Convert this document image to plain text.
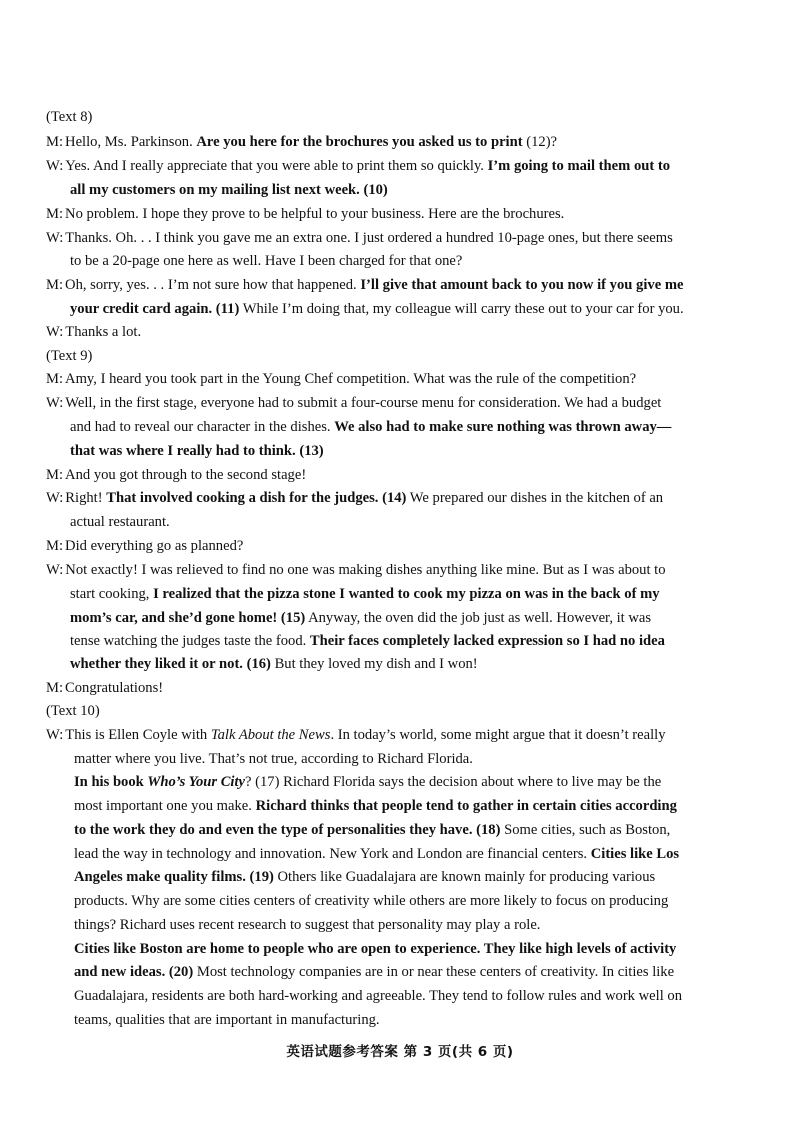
(Text 8)
M: Hello, Ms. Parkinson. Are you here for the brochures you asked us to print (12)?
W: Yes. And I really appreciate that you were able to print them so quickly. I’m going to mail them out to
all my customers on my mailing list next week. (10)
M: No problem. I hope they prove to be helpful to your business. Here are the brochures.
W: Thanks. Oh. . . I think you gave me an extra one. I just ordered a hundred 10-page ones, but there seems
to be a 20-page one here as well. Have I been charged for that one?
M: Oh, sorry, yes. . . I’m not sure how that happened. I’ll give that amount back to you now if you give me
your credit card again. (11) While I’m doing that, my colleague will carry these out to your car for you.
W: Thanks a lot.
(Text 9)
M: Amy, I heard you took part in the Young Chef competition. What was the rule of the competition?
W: Well, in the first stage, everyone had to submit a four-course menu for consideration. We had a budget
and had to reveal our character in the dishes. We also had to make sure nothing was thrown away—
that was where I really had to think. (13)
M: And you got through to the second stage!
W: Right! That involved cooking a dish for the judges. (14) We prepared our dishes in the kitchen of an
actual restaurant.
M: Did everything go as planned?
W: Not exactly! I was relieved to find no one was making dishes anything like mine. But as I was about to
start cooking, I realized that the pizza stone I wanted to cook my pizza on was in the back of my
mom’s car, and she’d gone home! (15) Anyway, the oven did the job just as well. However, it was
tense watching the judges taste the food. Their faces completely lacked expression so I had no idea
whether they liked it or not. (16) But they loved my dish and I won!
M: Congratulations!
(Text 10)
W: This is Ellen Coyle with Talk About the News. In today’s world, some might argue that it doesn’t really
matter where you live. That’s not true, according to Richard Florida.
In his book Who’s Your City? (17) Richard Florida says the decision about where to live may be the
most important one you make. Richard thinks that people tend to gather in certain cities according
to the work they do and even the type of personalities they have. (18) Some cities, such as Boston,
lead the way in technology and innovation. New York and London are financial centers. Cities like Los
Angeles make quality films. (19) Others like Guadalajara are known mainly for producing various
products. Why are some cities centers of creativity while others are more likely to focus on producing
things? Richard uses recent research to suggest that personality may play a role.
Cities like Boston are home to people who are open to experience. They like high levels of activity
and new ideas. (20) Most technology companies are in or near these centers of creativity. In cities like
Guadalajara, residents are both hard-working and agreeable. They tend to follow rules and work well on
teams, qualities that are important in manufacturing.
英语试题参考答案 第 3 页(共 6 页)
